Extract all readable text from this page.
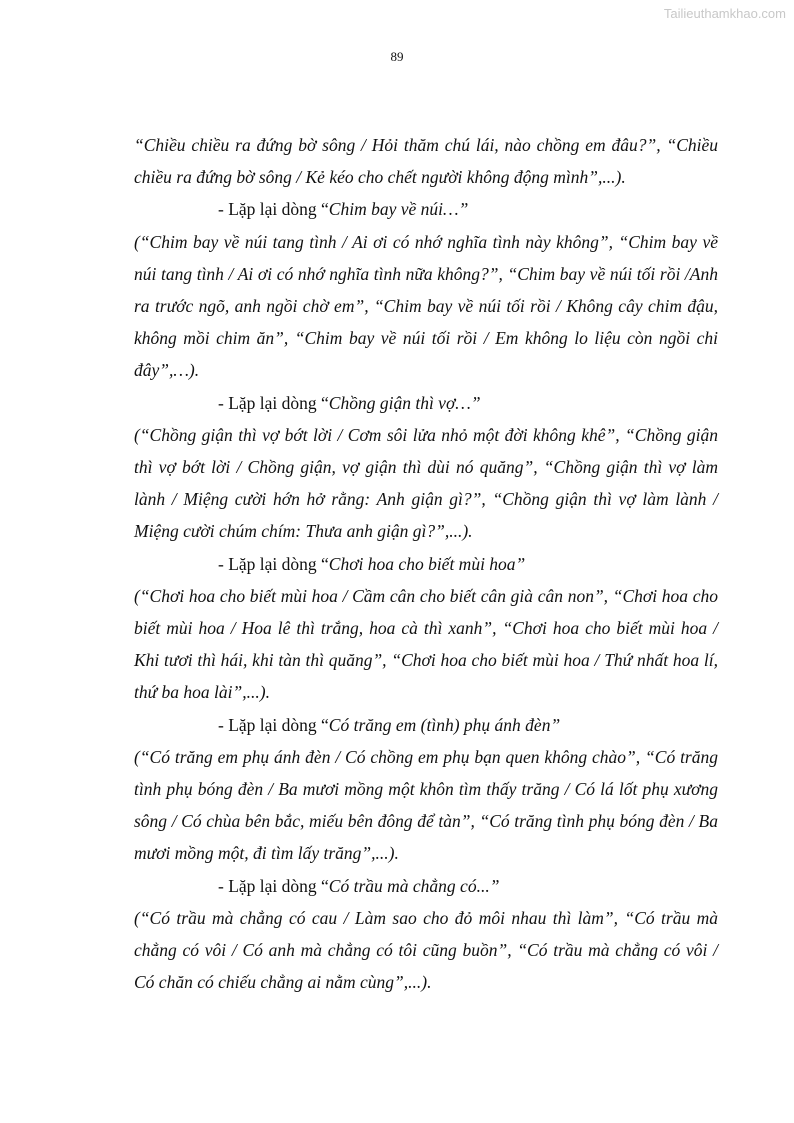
Tailieuthamkhao.com
89

“Chiều chiều ra đứng bờ sông / Hỏi thăm chú lái, nào chồng em đâu?”, “Chiều chiều ra đứng bờ sông / Kẻ kéo cho chết người không động mình”,...).

- Lặp lại dòng “Chim bay về núi…”

(“Chim bay về núi tang tình / Ai ơi có nhớ nghĩa tình này không”, “Chim bay về núi tang tình / Ai ơi có nhớ nghĩa tình nữa không?”, “Chim bay về núi tối rồi /Anh ra trước ngõ, anh ngồi chờ em”, “Chim bay về núi tối rồi / Không cây chim đậu, không mồi chim ăn”, “Chim bay về núi tối rồi / Em không lo liệu còn ngồi chi đây”,…).

- Lặp lại dòng “Chồng giận thì vợ…”

(“Chồng giận thì vợ bớt lời / Cơm sôi lửa nhỏ một đời không khê”, “Chồng giận thì vợ bớt lời / Chồng giận, vợ giận thì dùi nó quăng”, “Chồng giận thì vợ làm lành / Miệng cười hớn hở rằng: Anh giận gì?”, “Chồng giận thì vợ làm lành / Miệng cười chúm chím: Thưa anh giận gì?”,...).

- Lặp lại dòng “Chơi hoa cho biết mùi hoa”

(“Chơi hoa cho biết mùi hoa / Cầm cân cho biết cân già cân non”, “Chơi hoa cho biết mùi hoa / Hoa lê thì trắng, hoa cà thì xanh”, “Chơi hoa cho biết mùi hoa / Khi tươi thì hái, khi tàn thì quăng”, “Chơi hoa cho biết mùi hoa / Thứ nhất hoa lí, thứ ba hoa lài”,...).

- Lặp lại dòng “Có trăng em (tình) phụ ánh đèn”

(“Có trăng em phụ ánh đèn / Có chồng em phụ bạn quen không chào”, “Có trăng tình phụ bóng đèn / Ba mươi mồng một khôn tìm thấy trăng / Có lá lốt phụ xương sông / Có chùa bên bắc, miếu bên đông để tàn”, “Có trăng tình phụ bóng đèn / Ba mươi mồng một, đi tìm lấy trăng”,...).

- Lặp lại dòng “Có trầu mà chẳng có...”

(“Có trầu mà chẳng có cau / Làm sao cho đỏ môi nhau thì làm”, “Có trầu mà chẳng có vôi / Có anh mà chẳng có tôi cũng buồn”, “Có trầu mà chẳng có vôi / Có chăn có chiếu chẳng ai nằm cùng”,...).
